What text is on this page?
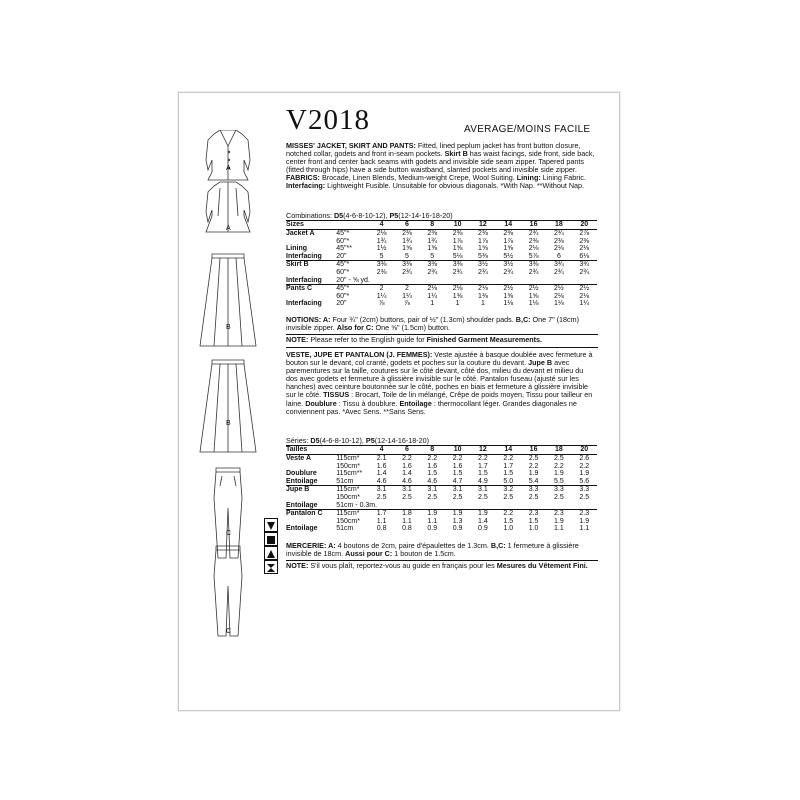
A
A
B
B
C
C
V2018	AVERAGE/MOINS FACILE
MISSES' JACKET, SKIRT AND PANTS: Fitted, lined peplum jacket has front button closure, notched collar, godets and front in-seam pockets. Skirt B has waist facings, side front, side back, center front and center back seams with godets and invisible side seam zipper. Tapered pants (fitted through hips) have a side button waistband, slanted pockets and invisible side zipper. FABRICS: Brocade, Linen Blends, Medium-weight Crepe, Wool Suiting. Lining: Lining Fabric. Interfacing: Lightweight Fusible. Unsuitable for obvious diagonals. *With Nap. **Without Nap.
Combinations: D5(4-6-8-10-12), P5(12-14-16-18-20)
Sizes		4	6	8	10	12	14	16	18	20
Jacket A	45"*	2⅛	2⅜	2⅜	2⅜	2⅜	2⅜	2¾	2¾	2⅞
	60"*	1¾	1¾	1¾	1⅞	1⅞	1⅞	2⅜	2⅜	2⅜
Lining	45"**	1½	1⅝	1⅝	1⅝	1⅝	1⅝	2⅛	2⅛	2⅛
Interfacing	20"	5	5	5	5⅛	5⅜	5½	5⅞	6	6⅛
Skirt B	45"*	3⅜	3⅜	3⅜	3⅜	3½	3½	3⅜	3¾	3¾
	60"*	2⅜	2¾	2¾	2¾	2¾	2¾	2¾	2¾	2¾
Interfacing	20" - ⅝ yd.									
Pants C	45"*	2	2	2⅛	2⅛	2⅛	2½	2½	2½	2½
	60"*	1¼	1¼	1¼	1⅜	1⅜	1⅝	1⅝	2⅛	2⅛
Interfacing	20"	⅞	⅞	1	1	1	1⅛	1⅛	1⅛	1¼
NOTIONS: A: Four ¾" (2cm) buttons, pair of ½" (1.3cm) shoulder pads. B,C: One 7" (18cm) invisible zipper. Also for C: One ⅝" (1.5cm) button.
NOTE: Please refer to the English guide for Finished Garment Measurements.
VESTE, JUPE ET PANTALON (J. FEMMES): Veste ajustée à basque doublée avec fermeture à bouton sur le devant, col cranté, godets et poches sur la couture du devant. Jupe B avec parementures sur la taille, coutures sur le côté devant, côté dos, milieu du devant et milieu du dos avec godets et fermeture à glissière invisible sur le côté. Pantalon fuseau (ajusté sur les hanches) avec ceinture boutonnée sur le côté, poches en biais et fermeture à glissière invisible sur le côté. TISSUS : Brocart, Toile de lin mélangé, Crêpe de poids moyen, Tissu pour tailleur en laine. Doublure : Tissu à doublure. Entoilage : thermocollant léger. Grandes diagonales ne conviennent pas. *Avec Sens. **Sans Sens.
Séries: D5(4-6-8-10-12), P5(12-14-16-18-20)
Tailles		4	6	8	10	12	14	16	18	20
Veste A	115cm*	2.1	2.2	2.2	2.2	2.2	2.2	2.5	2.5	2.6
	150cm*	1.6	1.6	1.6	1.6	1.7	1.7	2.2	2.2	2.2
Doublure	115cm**	1.4	1.4	1.5	1.5	1.5	1.5	1.9	1.9	1.9
Entoilage	51cm	4.6	4.6	4.6	4.7	4.9	5.0	5.4	5.5	5.6
Jupe B	115cm*	3.1	3.1	3.1	3.1	3.1	3.2	3.3	3.3	3.3
	150cm*	2.5	2.5	2.5	2.5	2.5	2.5	2.5	2.5	2.5
Entoilage	51cm - 0.3m.									
Pantalon C	115cm*	1.7	1.8	1.9	1.9	1.9	2.2	2.3	2.3	2.3
	150cm*	1.1	1.1	1.1	1.3	1.4	1.5	1.5	1.9	1.9
Entoilage	51cm	0.8	0.8	0.9	0.9	0.9	1.0	1.0	1.1	1.1
MERCERIE: A: 4 boutons de 2cm, paire d'épaulettes de 1.3cm. B,C: 1 fermeture à glissière invisible de 18cm. Aussi pour C: 1 bouton de 1.5cm.
NOTE: S'il vous plaît, reportez-vous au guide en français pour les Mesures du Vêtement Fini.
